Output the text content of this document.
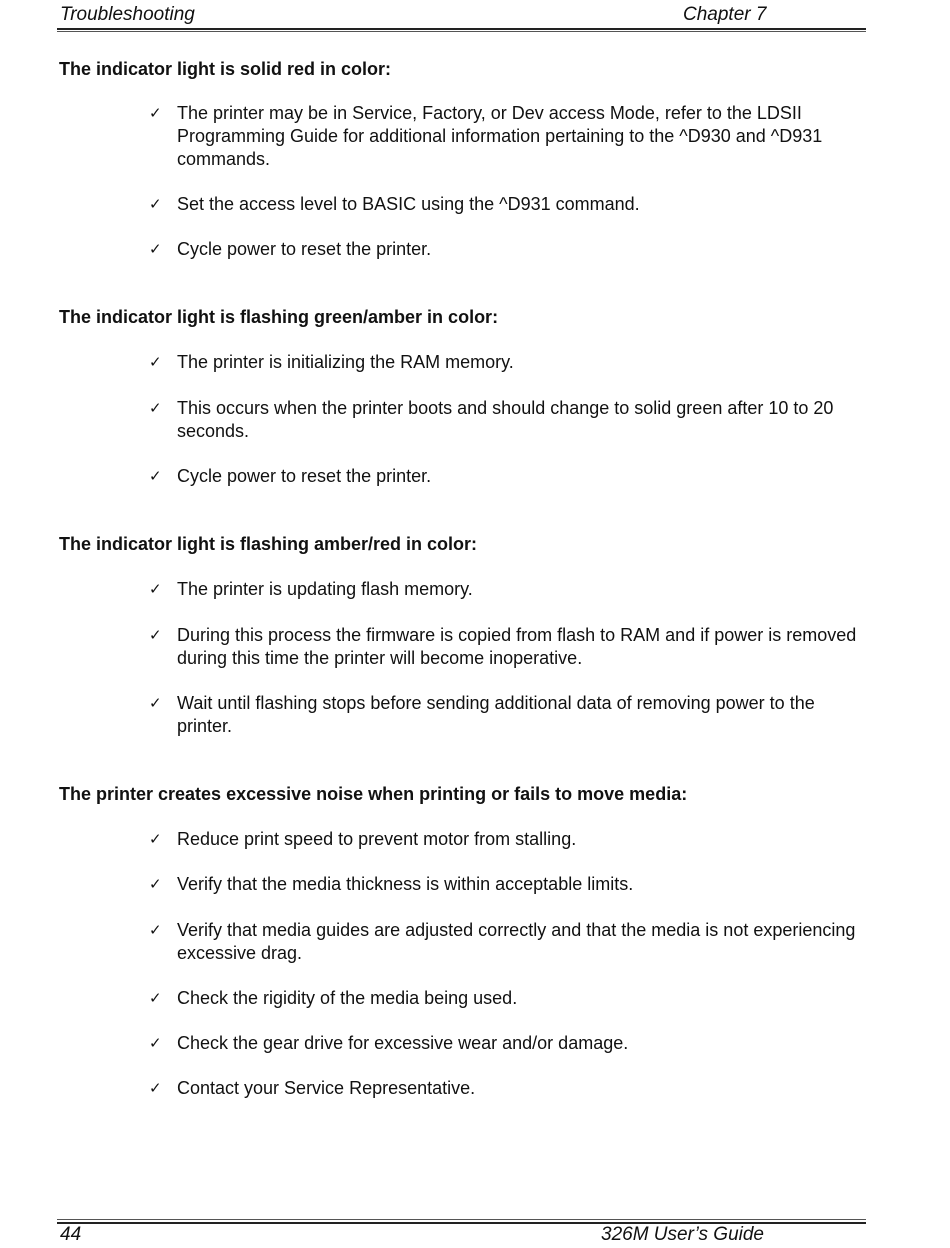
Troubleshooting	Chapter 7
The indicator light is solid red in color:
✓ The printer may be in Service, Factory, or Dev access Mode, refer to the LDSII Programming Guide for additional information pertaining to the ^D930 and ^D931 commands.
✓ Set the access level to BASIC using the ^D931 command.
✓ Cycle power to reset the printer.
The indicator light is flashing green/amber in color:
✓ The printer is initializing the RAM memory.
✓ This occurs when the printer boots and should change to solid green after 10 to 20 seconds.
✓ Cycle power to reset the printer.
The indicator light is flashing amber/red in color:
✓ The printer is updating flash memory.
✓ During this process the firmware is copied from flash to RAM and if power is removed during this time the printer will become inoperative.
✓ Wait until flashing stops before sending additional data of removing power to the printer.
The printer creates excessive noise when printing or fails to move media:
✓ Reduce print speed to prevent motor from stalling.
✓ Verify that the media thickness is within acceptable limits.
✓ Verify that media guides are adjusted correctly and that the media is not experiencing excessive drag.
✓ Check the rigidity of the media being used.
✓ Check the gear drive for excessive wear and/or damage.
✓ Contact your Service Representative.
44	326M User’s Guide
